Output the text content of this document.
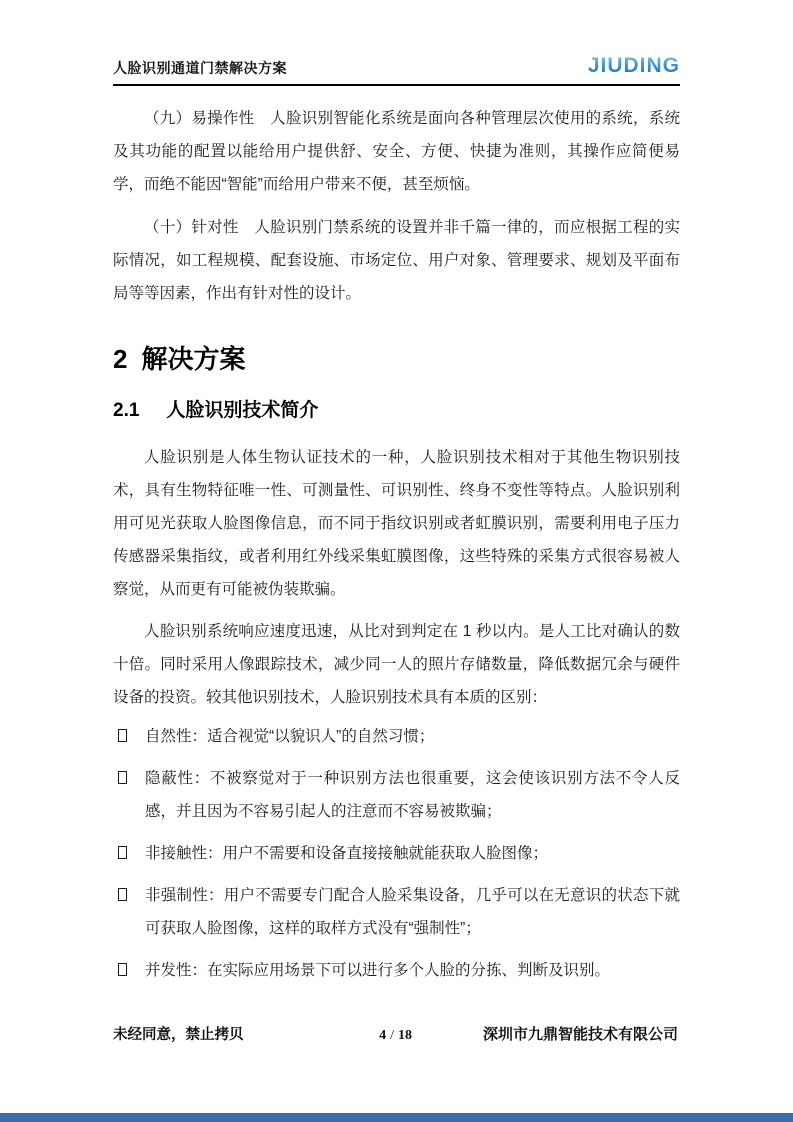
人脸识别通道门禁解决方案	JIUDING

（九）易操作性　人脸识别智能化系统是面向各种管理层次使用的系统，系统及其功能的配置以能给用户提供舒、安全、方便、快捷为准则，其操作应简便易学，而绝不能因“智能”而给用户带来不便，甚至烦恼。

（十）针对性　人脸识别门禁系统的设置并非千篇一律的，而应根据工程的实际情况，如工程规模、配套设施、市场定位、用户对象、管理要求、规划及平面布局等等因素，作出有针对性的设计。

2 解决方案
2.1 人脸识别技术简介

人脸识别是人体生物认证技术的一种，人脸识别技术相对于其他生物识别技术，具有生物特征唯一性、可测量性、可识别性、终身不变性等特点。人脸识别利用可见光获取人脸图像信息，而不同于指纹识别或者虹膜识别，需要利用电子压力传感器采集指纹，或者利用红外线采集虹膜图像，这些特殊的采集方式很容易被人察觉，从而更有可能被伪装欺骗。

人脸识别系统响应速度迅速，从比对到判定在 1 秒以内。是人工比对确认的数十倍。同时采用人像跟踪技术，减少同一人的照片存储数量，降低数据冗余与硬件设备的投资。较其他识别技术，人脸识别技术具有本质的区别：

自然性：适合视觉“以貌识人”的自然习惯；
隐蔽性：不被察觉对于一种识别方法也很重要，这会使该识别方法不令人反感，并且因为不容易引起人的注意而不容易被欺骗；
非接触性：用户不需要和设备直接接触就能获取人脸图像；
非强制性：用户不需要专门配合人脸采集设备，几乎可以在无意识的状态下就可获取人脸图像，这样的取样方式没有“强制性”；
并发性：在实际应用场景下可以进行多个人脸的分拣、判断及识别。
未经同意，禁止拷贝	4 / 18	深圳市九鼎智能技术有限公司
